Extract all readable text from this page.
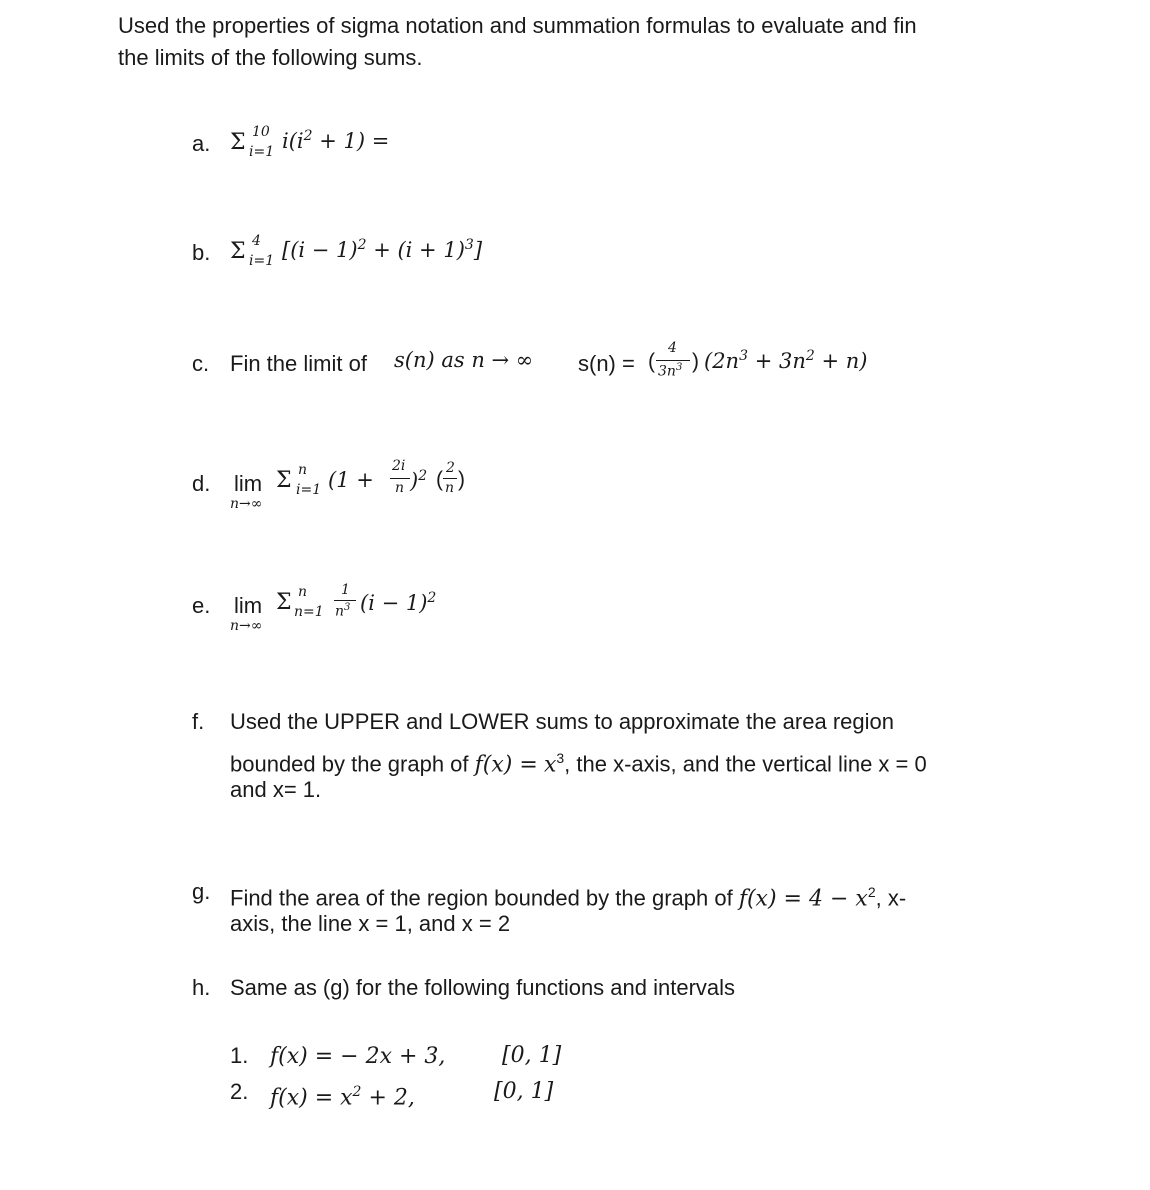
Used the properties of sigma notation and summation formulas to evaluate and fin
the limits of the following sums.
a. Σ 10
i=1 $i(i^2 + 1)$ =
b. Σ 4
i=1 $[(i - 1)^2 + (i + 1)^3]$
c. Fin the limit of s(n) as n → ∞ s(n) = (
4
$3n^3$ ) $(2n^3 + 3n^2 + n)$
d. lim
n→∞
Σ n
i=1 (1 +
2i
n )$^2$ ( 2
n )
e. lim
n→∞
Σ n
n=1
1
$n^3$ $(i - 1)^2$
f. Used the UPPER and LOWER sums to approximate the area region
bounded by the graph of $f(x) = x^3$, the x-axis, and the vertical line x = 0
and x= 1.
g. Find the area of the region bounded by the graph of $f(x) = 4 - x^2$, x-
axis, the line x = 1, and x = 2
h. Same as (g) for the following functions and intervals
1. f(x) = − 2x + 3,	[0, 1]
2. $f(x) = x^2 + 2$,	[0, 1]
